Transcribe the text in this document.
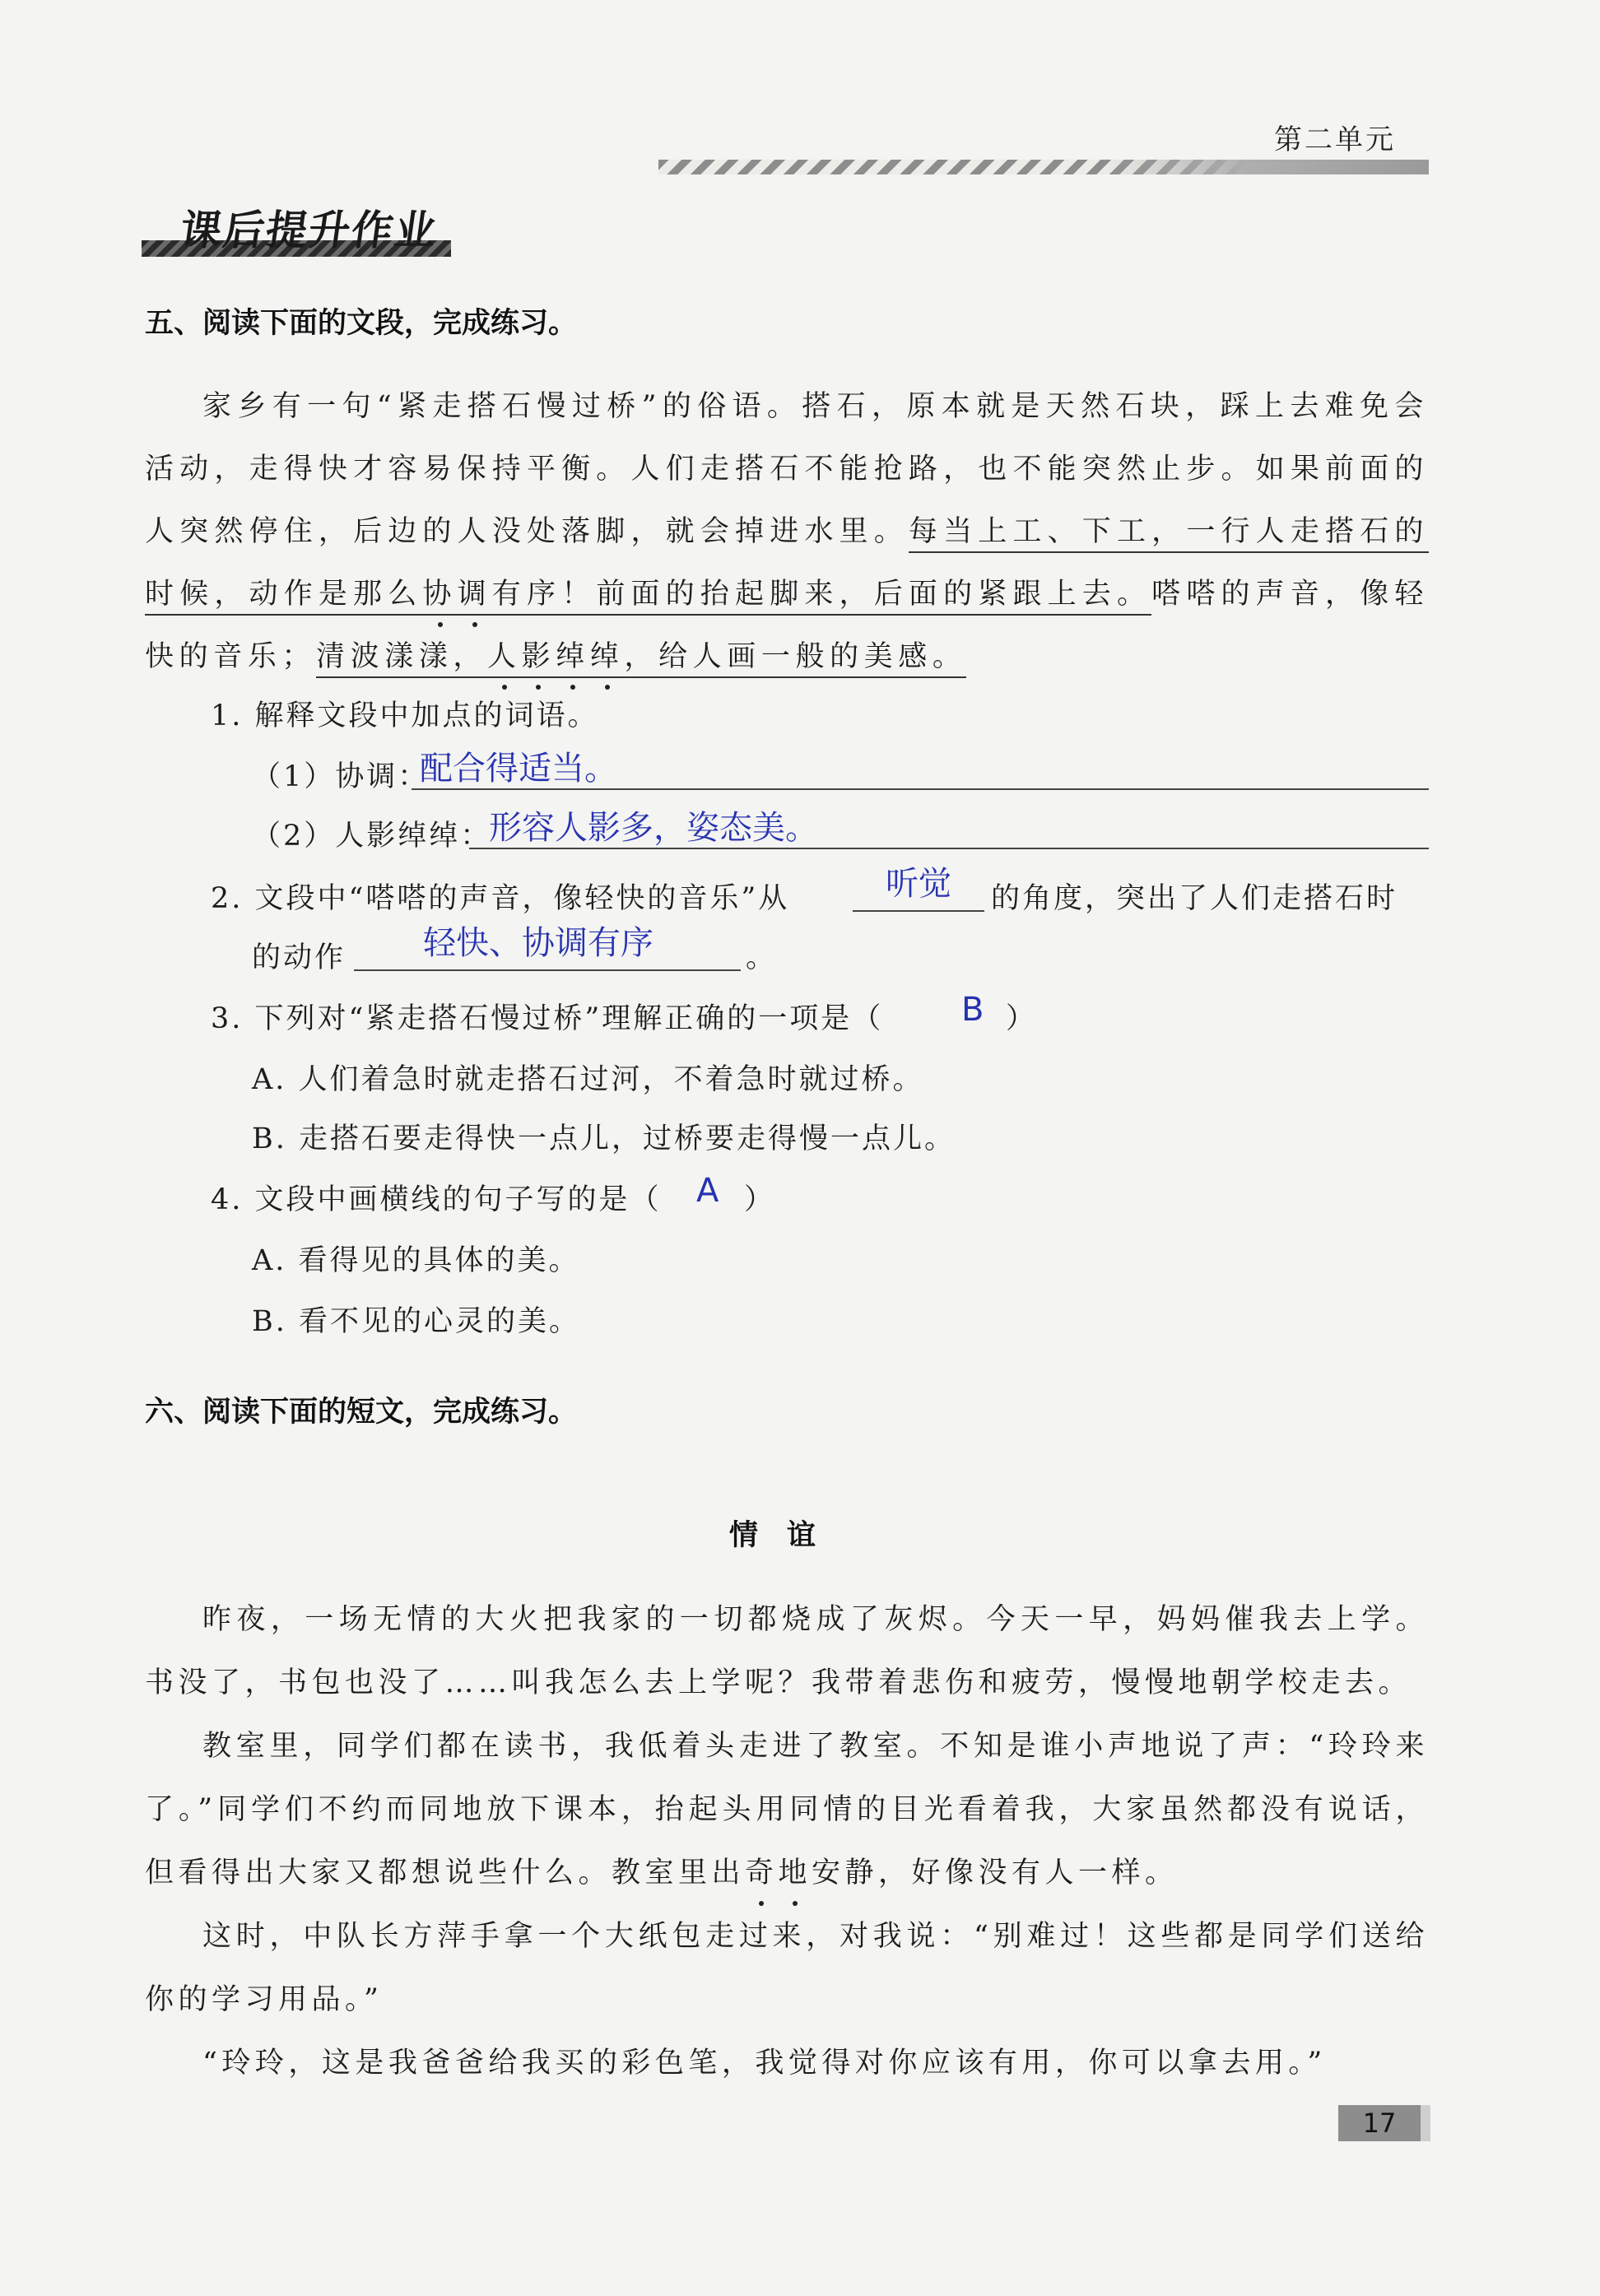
第二单元
课后提升作业
五、阅读下面的文段，完成练习。

家乡有一句“紧走搭石慢过桥”的俗语。搭石，原本就是天然石块，踩上去难免会活动，走得快才容易保持平衡。人们走搭石不能抢路，也不能突然止步。如果前面的人突然停住，后边的人没处落脚，就会掉进水里。每当上工、下工，一行人走搭石的时候，动作是那么协调有序！前面的抬起脚来，后面的紧跟上去。嗒嗒的声音，像轻快的音乐；清波漾漾，人影绰绰，给人画一般的美感。

1. 解释文段中加点的词语。
（1）协调：
配合得适当。
（2）人影绰绰：
形容人影多，姿态美。
2. 文段中“嗒嗒的声音，像轻快的音乐”从	听觉 的角度，突出了人们走搭石时
的动作 轻快、协调有序	。
3. 下列对“紧走搭石慢过桥”理解正确的一项是（ B ）
A. 人们着急时就走搭石过河，不着急时就过桥。
B. 走搭石要走得快一点儿，过桥要走得慢一点儿。
4. 文段中画横线的句子写的是（ A ）
A. 看得见的具体的美。
B. 看不见的心灵的美。
六、阅读下面的短文，完成练习。
情　谊

昨夜，一场无情的大火把我家的一切都烧成了灰烬。今天一早，妈妈催我去上学。书没了，书包也没了……叫我怎么去上学呢？我带着悲伤和疲劳，慢慢地朝学校走去。

教室里，同学们都在读书，我低着头走进了教室。不知是谁小声地说了声：“玲玲来了。”同学们不约而同地放下课本，抬起头用同情的目光看着我，大家虽然都没有说话，但看得出大家又都想说些什么。教室里出奇地安静，好像没有人一样。

这时，中队长方萍手拿一个大纸包走过来，对我说：“别难过！这些都是同学们送给你的学习用品。”

“玲玲，这是我爸爸给我买的彩色笔，我觉得对你应该有用，你可以拿去用。”

17
